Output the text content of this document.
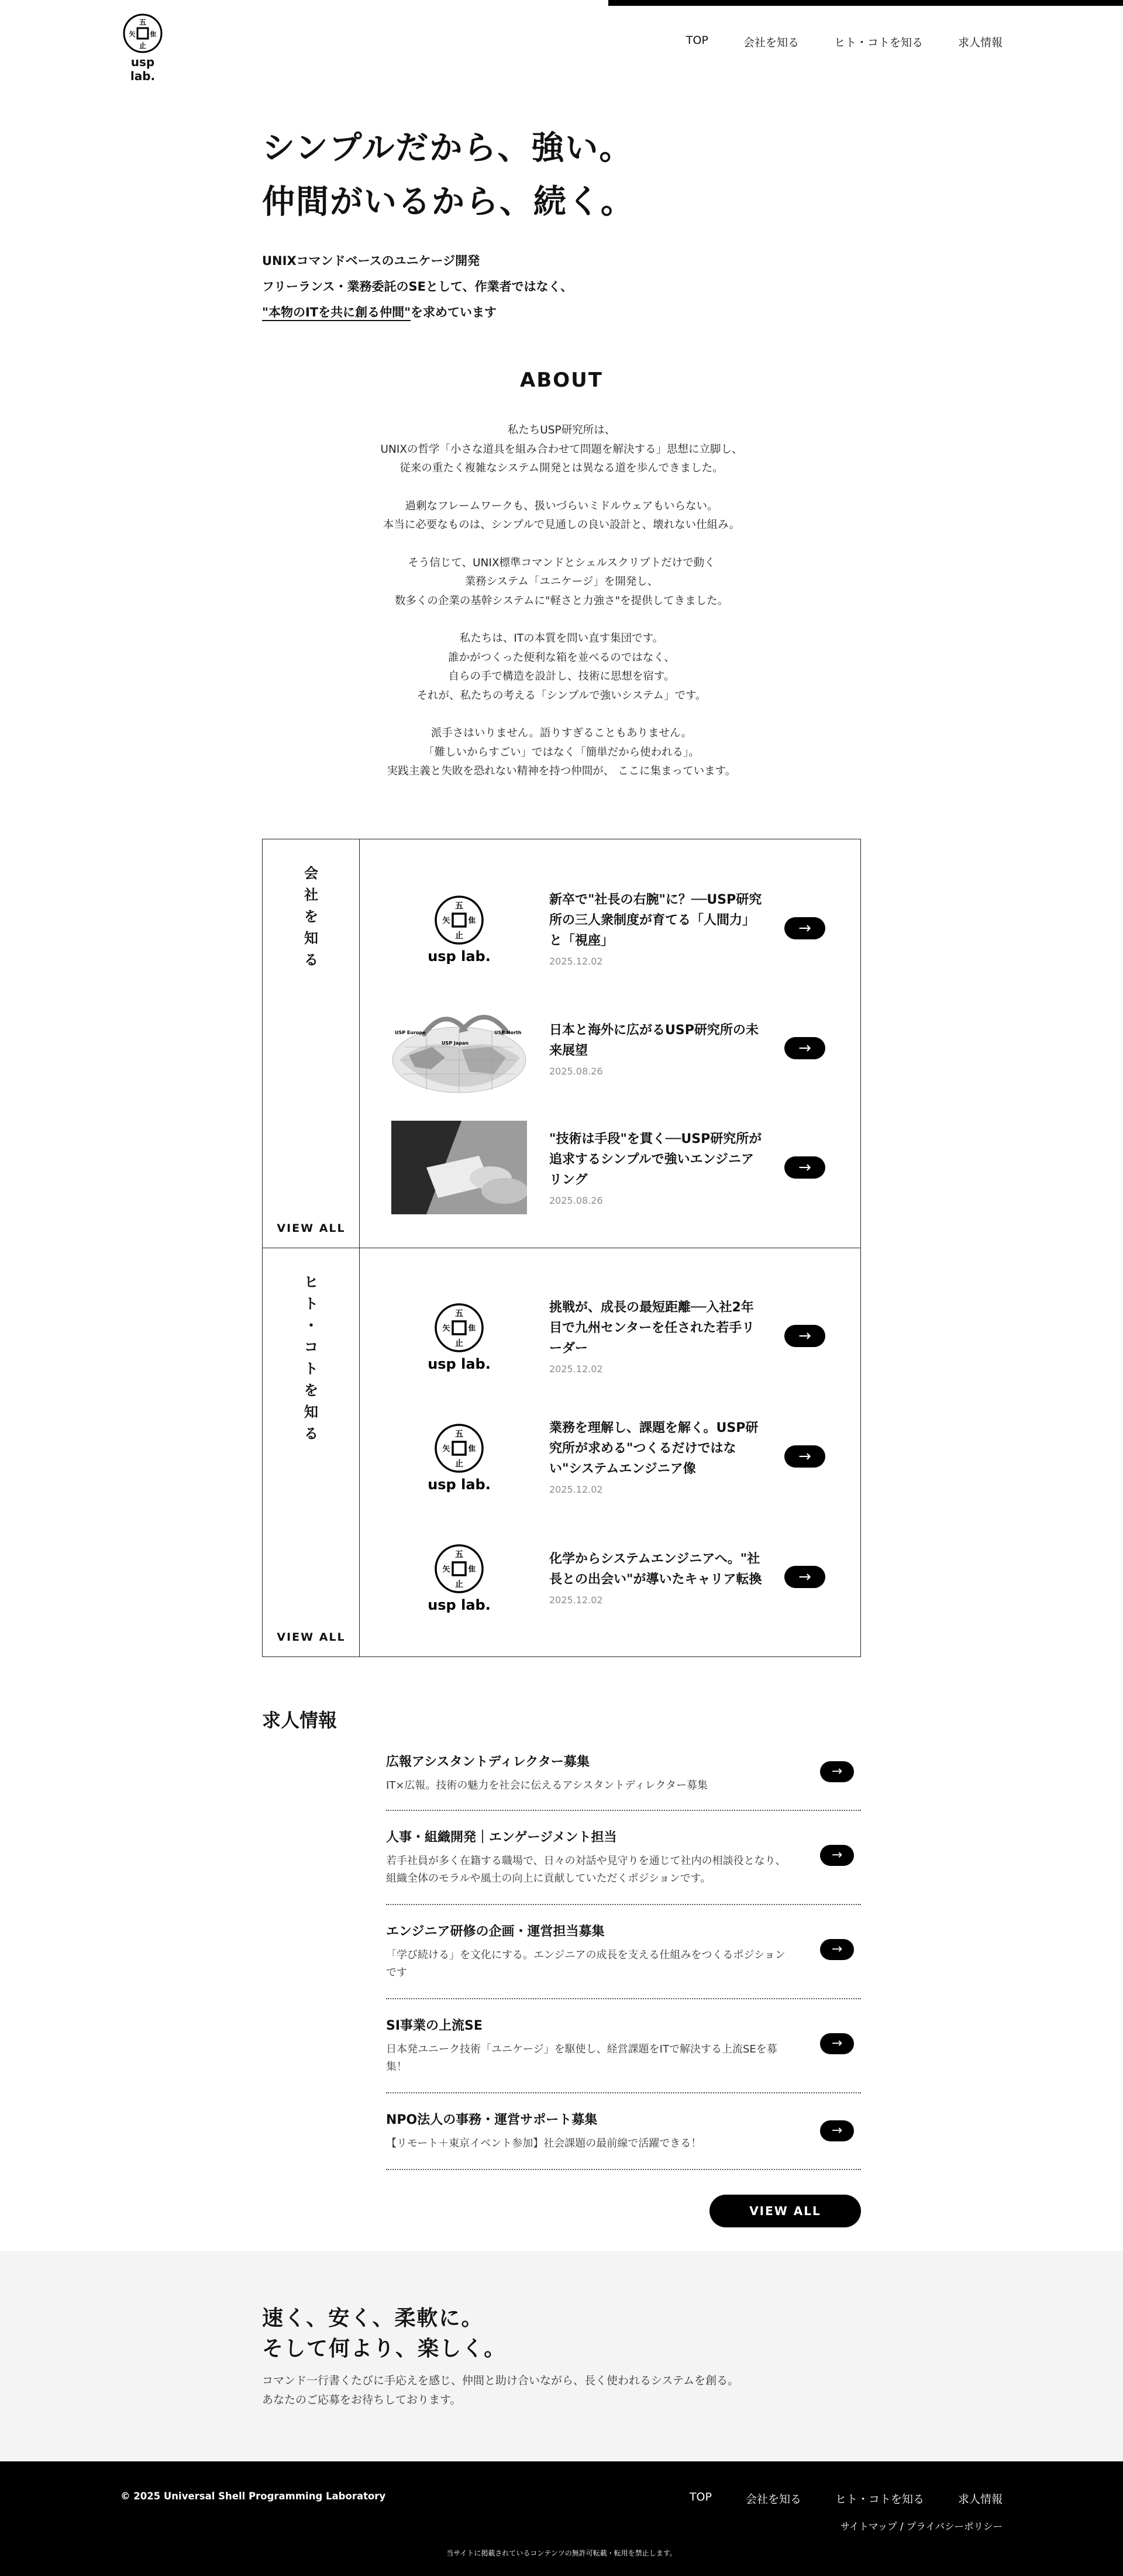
五
矢 隹
止
usp lab.
TOP	会社を知る	ヒト・コトを知る	求人情報
シンプルだから、強い。
仲間がいるから、続く。
UNIXコマンドベースのユニケージ開発
フリーランス・業務委託のSEとして、作業者ではなく、
"本物のITを共に創る仲間"を求めています
ABOUT

私たちUSP研究所は、
UNIXの哲学「小さな道具を組み合わせて問題を解決する」思想に立脚し、
従来の重たく複雑なシステム開発とは異なる道を歩んできました。

過剰なフレームワークも、扱いづらいミドルウェアもいらない。
本当に必要なものは、シンプルで見通しの良い設計と、壊れない仕組み。

そう信じて、UNIX標準コマンドとシェルスクリプトだけで動く
業務システム「ユニケージ」を開発し、
数多くの企業の基幹システムに"軽さと力強さ"を提供してきました。

私たちは、ITの本質を問い直す集団です。
誰かがつくった便利な箱を並べるのではなく、
自らの手で構造を設計し、技術に思想を宿す。
それが、私たちの考える「シンプルで強いシステム」です。

派手さはいりません。語りすぎることもありません。
「難しいからすごい」ではなく「簡単だから使われる」。
実践主義と失敗を恐れない精神を持つ仲間が、 ここに集まっています。

会
社
を
知
る
VIEW ALL
五
矢 隹
止
usp lab.
新卒で"社長の右腕"に？──USP研究所の三人衆制度が育てる「人間力」と「視座」
2025.12.02
→
USP Japan
USP Europe	USP North 日本と海外に広がるUSP研究所の未来展望
2025.08.26
→
"技術は手段"を貫く──USP研究所が追求するシンプルで強いエンジニアリング
2025.08.26
→
ヒ
ト
・
コ
ト
を
知
る
VIEW ALL
五
矢 隹
止
usp lab.
挑戦が、成長の最短距離──入社2年目で九州センターを任された若手リーダー
2025.12.02
→
五
矢 隹
止
usp lab.
業務を理解し、課題を解く。USP研究所が求める"つくるだけではない"システムエンジニア像
2025.12.02
→
五
矢 隹
止
usp lab.
化学からシステムエンジニアへ。"社長との出会い"が導いたキャリア転換
2025.12.02
→
求人情報
広報アシスタントディレクター募集
IT×広報。技術の魅力を社会に伝えるアシスタントディレクター募集
→
人事・組織開発｜エンゲージメント担当
若手社員が多く在籍する職場で、日々の対話や見守りを通じて社内の相談役となり、組織全体のモラルや風土の向上に貢献していただくポジションです。
→
エンジニア研修の企画・運営担当募集
「学び続ける」を文化にする。エンジニアの成長を支える仕組みをつくるポジションです
→
SI事業の上流SE
日本発ユニーク技術「ユニケージ」を駆使し、経営課題をITで解決する上流SEを募集！
→
NPO法人の事務・運営サポート募集
【リモート＋東京イベント参加】社会課題の最前線で活躍できる！
→
VIEW ALL
速く、安く、柔軟に。
そして何より、楽しく。

コマンド一行書くたびに手応えを感じ、仲間と助け合いながら、長く使われるシステムを創る。
あなたのご応募をお待ちしております。

© 2025 Universal Shell Programming Laboratory	TOP	会社を知る	ヒト・コトを知る	求人情報
サイトマップ / プライバシーポリシー
当サイトに掲載されているコンテンツの無許可転載・転用を禁止します。
